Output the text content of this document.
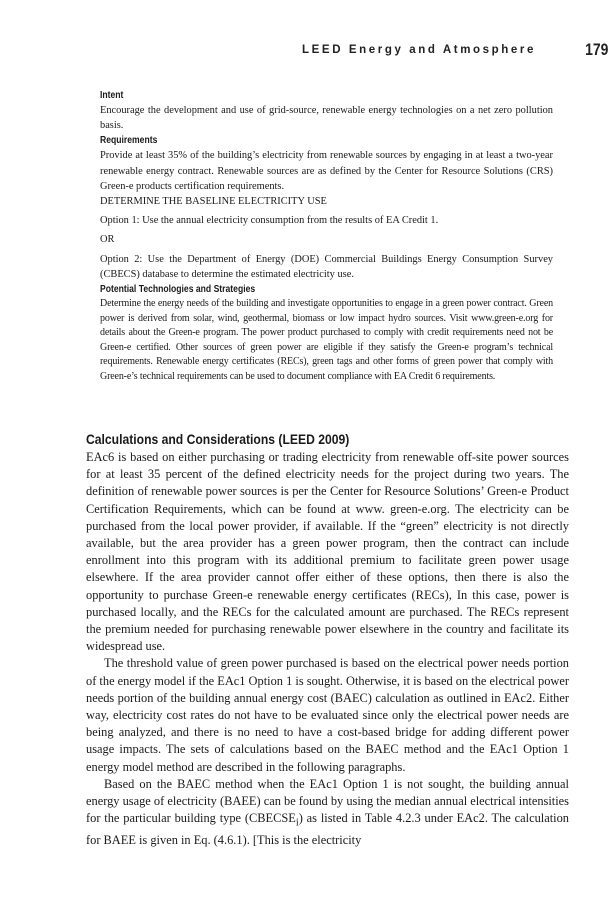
LEED Energy and Atmosphere	179
Intent

Encourage the development and use of grid-source, renewable energy technologies on a net zero pollution basis.

Requirements

Provide at least 35% of the building’s electricity from renewable sources by engaging in at least a two-year renewable energy contract. Renewable sources are as defined by the Center for Resource Solutions (CRS) Green-e products certification requirements.

DETERMINE THE BASELINE ELECTRICITY USE

Option 1: Use the annual electricity consumption from the results of EA Credit 1.

OR

Option 2: Use the Department of Energy (DOE) Commercial Buildings Energy Consumption Survey (CBECS) database to determine the estimated electricity use.

Potential Technologies and Strategies

Determine the energy needs of the building and investigate opportunities to engage in a green power contract. Green power is derived from solar, wind, geothermal, biomass or low impact hydro sources. Visit www.green-e.org for details about the Green-e program. The power product purchased to comply with credit requirements need not be Green-e certified. Other sources of green power are eligible if they satisfy the Green-e program’s technical requirements. Renewable energy certificates (RECs), green tags and other forms of green power that comply with Green-e’s technical requirements can be used to document compliance with EA Credit 6 requirements.

Calculations and Considerations (LEED 2009)

EAc6 is based on either purchasing or trading electricity from renewable off-site power sources for at least 35 percent of the defined electricity needs for the project during two years. The definition of renewable power sources is per the Center for Resource Solutions’ Green-e Product Certification Requirements, which can be found at www. green-e.org. The electricity can be purchased from the local power provider, if available. If the “green” electricity is not directly available, but the area provider has a green power program, then the contract can include enrollment into this program with its additional premium to facilitate green power usage elsewhere. If the area provider cannot offer either of these options, then there is also the opportunity to purchase Green-e renewable energy certificates (RECs), In this case, power is purchased locally, and the RECs for the calculated amount are purchased. The RECs represent the premium needed for purchasing renewable power elsewhere in the country and facilitate its widespread use.

The threshold value of green power purchased is based on the electrical power needs portion of the energy model if the EAc1 Option 1 is sought. Otherwise, it is based on the electrical power needs portion of the building annual energy cost (BAEC) calculation as outlined in EAc2. Either way, electricity cost rates do not have to be evaluated since only the electrical power needs are being analyzed, and there is no need to have a cost-based bridge for adding different power usage impacts. The sets of calculations based on the BAEC method and the EAc1 Option 1 energy model method are described in the following paragraphs.

Based on the BAEC method when the EAc1 Option 1 is not sought, the building annual energy usage of electricity (BAEE) can be found by using the median annual electrical intensities for the particular building type $(CBECSE_i)$ as listed in Table 4.2.3 under EAc2. The calculation for BAEE is given in Eq. (4.6.1). [This is the electricity
